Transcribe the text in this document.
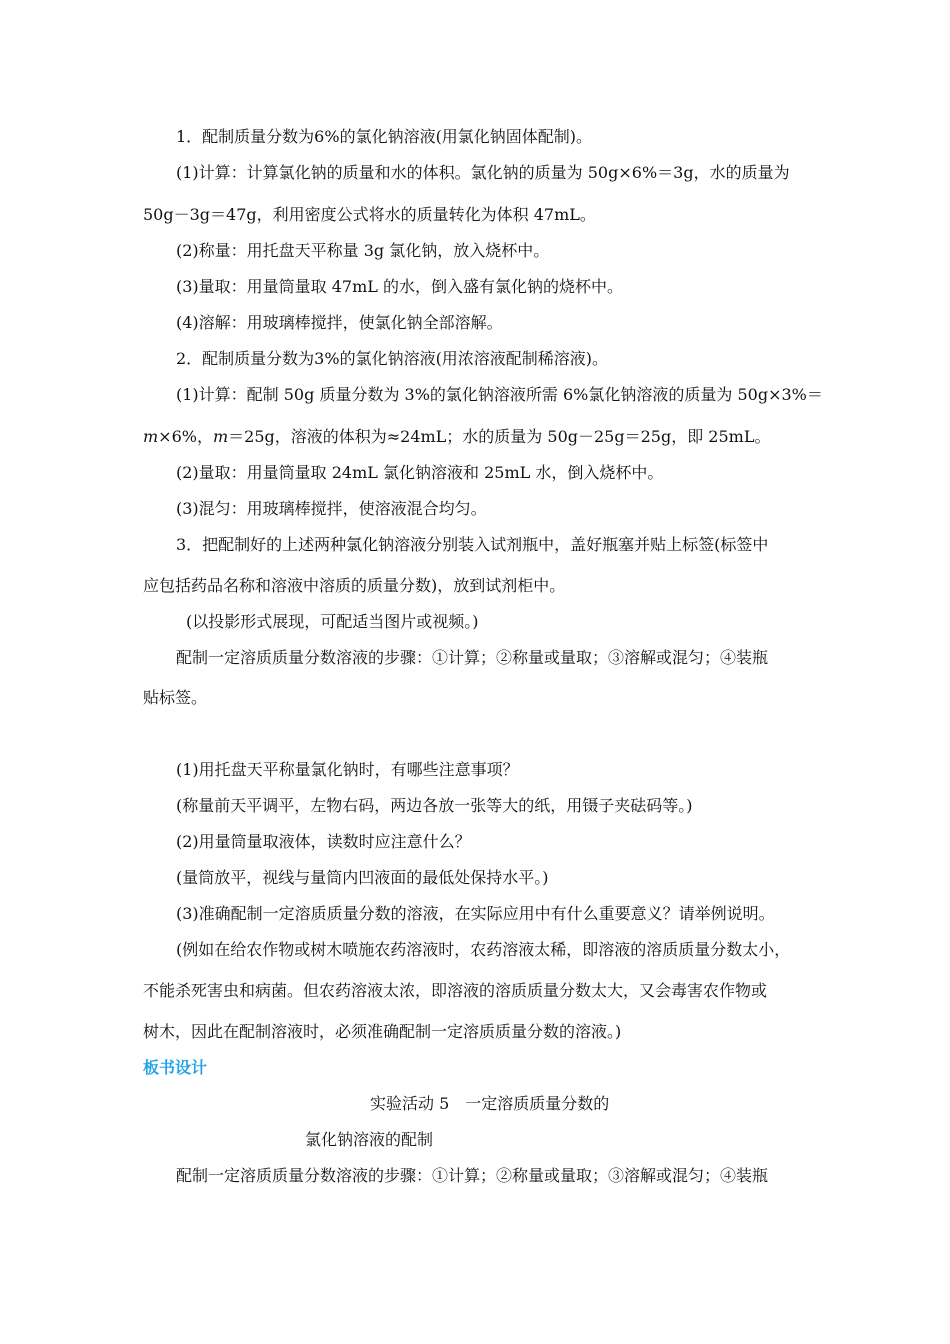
1．配制质量分数为6%的氯化钠溶液(用氯化钠固体配制)。
(1)计算：计算氯化钠的质量和水的体积。氯化钠的质量为 50g×6%＝3g，水的质量为
50g－3g＝47g，利用密度公式将水的质量转化为体积 47mL。
(2)称量：用托盘天平称量 3g 氯化钠，放入烧杯中。
(3)量取：用量筒量取 47mL 的水，倒入盛有氯化钠的烧杯中。
(4)溶解：用玻璃棒搅拌，使氯化钠全部溶解。
2．配制质量分数为3%的氯化钠溶液(用浓溶液配制稀溶液)。
(1)计算：配制 50g 质量分数为 3%的氯化钠溶液所需 6%氯化钠溶液的质量为 50g×3%＝
m×6%，m＝25g，溶液的体积为≈24mL；水的质量为 50g－25g＝25g，即 25mL。
(2)量取：用量筒量取 24mL 氯化钠溶液和 25mL 水，倒入烧杯中。
(3)混匀：用玻璃棒搅拌，使溶液混合均匀。
3．把配制好的上述两种氯化钠溶液分别装入试剂瓶中，盖好瓶塞并贴上标签(标签中
应包括药品名称和溶液中溶质的质量分数)，放到试剂柜中。
(以投影形式展现，可配适当图片或视频。)
配制一定溶质质量分数溶液的步骤：①计算；②称量或量取；③溶解或混匀；④装瓶
贴标签。
(1)用托盘天平称量氯化钠时，有哪些注意事项？
(称量前天平调平，左物右码，两边各放一张等大的纸，用镊子夹砝码等。)
(2)用量筒量取液体，读数时应注意什么？
(量筒放平，视线与量筒内凹液面的最低处保持水平。)
(3)准确配制一定溶质质量分数的溶液，在实际应用中有什么重要意义？请举例说明。
(例如在给农作物或树木喷施农药溶液时，农药溶液太稀，即溶液的溶质质量分数太小，
不能杀死害虫和病菌。但农药溶液太浓，即溶液的溶质质量分数太大，又会毒害农作物或
树木，因此在配制溶液时，必须准确配制一定溶质质量分数的溶液。)
板书设计
实验活动 5　一定溶质质量分数的
氯化钠溶液的配制
配制一定溶质质量分数溶液的步骤：①计算；②称量或量取；③溶解或混匀；④装瓶
